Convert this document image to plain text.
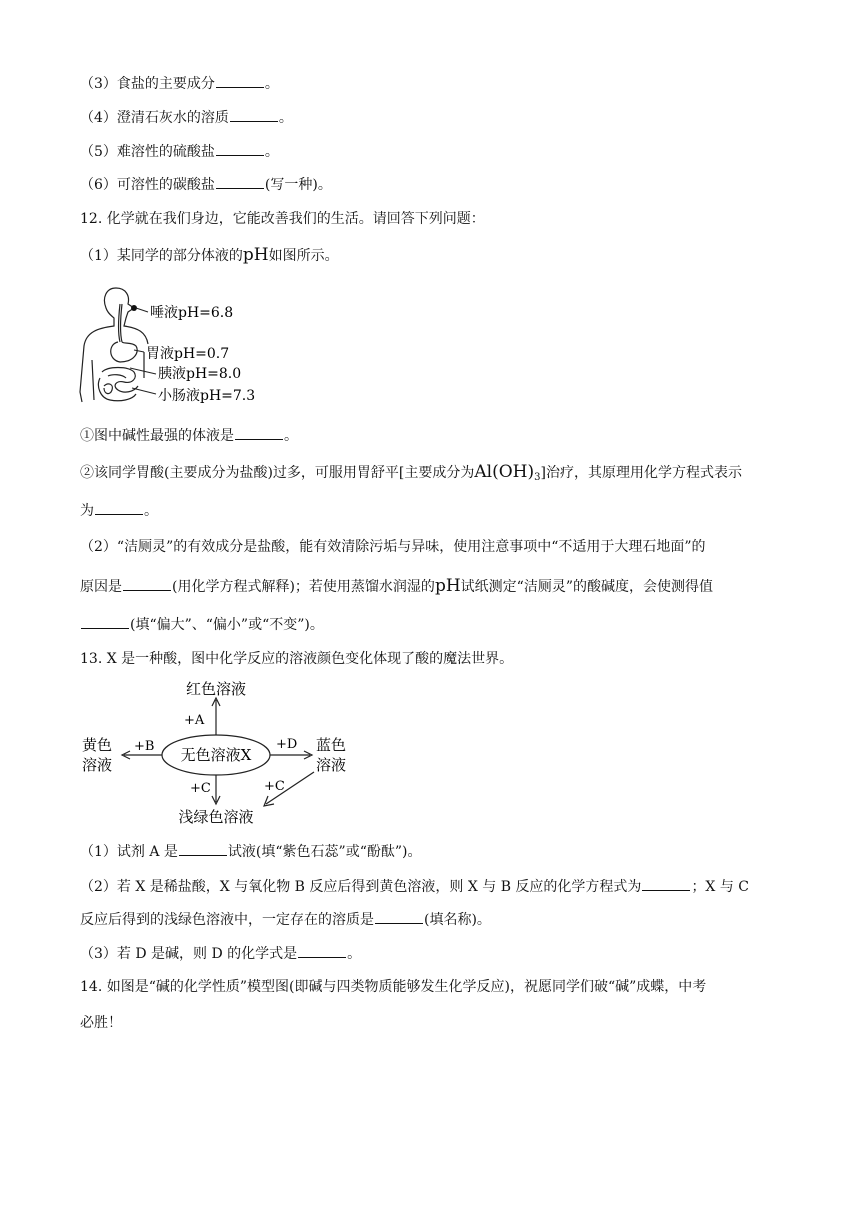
（3）食盐的主要成分	。
（4）澄清石灰水的溶质	。
（5）难溶性的硫酸盐	。
（6）可溶性的碳酸盐	(写一种)。
12. 化学就在我们身边，它能改善我们的生活。请回答下列问题：
（1）某同学的部分体液的pH如图所示。
唾液pH=6.8
胃液pH=0.7
胰液pH=8.0
小肠液pH=7.3
①图中碱性最强的体液是	。
②该同学胃酸(主要成分为盐酸)过多，可服用胃舒平[主要成分为$Al(OH)_3$]治疗，其原理用化学方程式表示
为	。
（2）“洁厕灵”的有效成分是盐酸，能有效清除污垢与异味，使用注意事项中“不适用于大理石地面”的
原因是	(用化学方程式解释)；若使用蒸馏水润湿的pH试纸测定“洁厕灵”的酸碱度，会使测得值
(填“偏大”、“偏小”或“不变”)。
13. X 是一种酸，图中化学反应的溶液颜色变化体现了酸的魔法世界。
无色溶液X
红色溶液
+A
黄色
溶液
+B	+D 蓝色
溶液
+C	+C
浅绿色溶液
（1）试剂 A 是	试液(填“紫色石蕊”或“酚酞”)。
（2）若 X 是稀盐酸，X 与氧化物 B 反应后得到黄色溶液，则 X 与 B 反应的化学方程式为	；X 与 C
反应后得到的浅绿色溶液中，一定存在的溶质是	(填名称)。
（3）若 D 是碱，则 D 的化学式是	。
14. 如图是“碱的化学性质”模型图(即碱与四类物质能够发生化学反应)，祝愿同学们破“碱”成蝶，中考
必胜！
